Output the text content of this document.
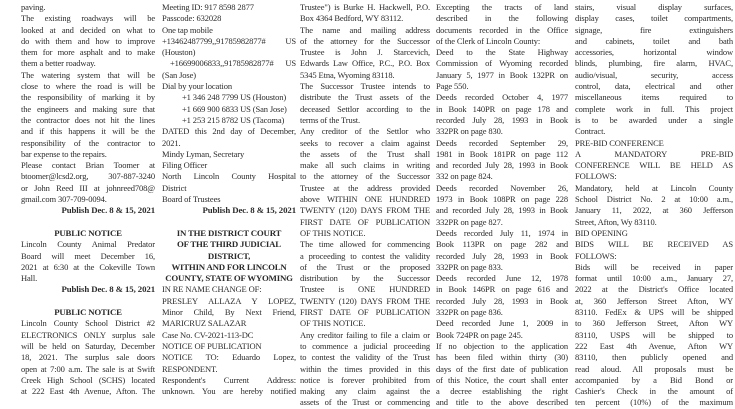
paving.
The existing roadways will be
looked at and decided on what to
do with them and how to improve
them for more asphalt and to make
them a better roadway.
The watering system that will be
close to where the road is will be
the responsibility of marking it by
the engineers and making sure that
the contractor does not hit the lines
and if this happens it will be the
responsibility of the contractor to
bar expense to the repairs.
Please contact Brian Toomer at
btoomer@lcsd2.org, 307-887-3240
or John Reed III at johnreed708@
gmail.com 307-709-0094.
Publish Dec. 8 & 15, 2021
PUBLIC NOTICE
Lincoln County Animal Predator
Board will meet December 16,
2021 at 6:30 at the Cokeville Town
Hall.
Publish Dec. 8 & 15, 2021
PUBLIC NOTICE
Lincoln County School District #2
ELECTRONICS ONLY surplus sale
will be held on Saturday, December
18, 2021. The surplus sale doors
open at 7:00 a.m. The sale is at Swift
Creek High School (SCHS) located
at 222 East 4th Avenue, Afton. The
Meeting ID: 917 8598 2877
Passcode: 632028
One tap mobile
+13462487799,,91785982877# US
(Houston)
+16699006833,,91785982877# US
(San Jose)
Dial by your location
+1 346 248 7799 US (Houston)
+1 669 900 6833 US (San Jose)
+1 253 215 8782 US (Tacoma)
DATED this 2nd day of December,
2021.
Mindy Lyman, Secretary
Filing Officer
North Lincoln County Hospital
District
Board of Trustees
Publish Dec. 8 & 15, 2021
IN THE DISTRICT COURT
OF THE THIRD JUDICIAL
DISTRICT,
WITHIN AND FOR LINCOLN
COUNTY, STATE OF WYOMING
IN RE NAME CHANGE OF:
PRESLEY ALLAZA Y LOPEZ,
Minor Child, By Next Friend,
MARICRUZ SALAZAR
Case No. CV-2021-113-DC
NOTICE OF PUBLICATION
NOTICE TO: Eduardo Lopez,
RESPONDENT.
Respondent's Current Address:
unknown. You are hereby notified
Trustee") is Burke H. Hackwell, P.O.
Box 4364 Bedford, WY 83112.
The name and mailing address
of the attorney for the Successor
Trustee is John J. Starcevich,
Edwards Law Office, P.C., P.O. Box
5345 Etna, Wyoming 83118.
The Successor Trustee intends to
distribute the Trust assets of the
deceased Settlor according to the
terms of the Trust.
Any creditor of the Settlor who
seeks to recover a claim against
the assets of the Trust shall
make all such claims in writing
to the attorney of the Successor
Trustee at the address provided
above WITHIN ONE HUNDRED
TWENTY (120) DAYS FROM THE
FIRST DATE OF PUBLICATION
OF THIS NOTICE.
The time allowed for commencing
a proceeding to contest the validity
of the Trust or the proposed
distribution by the Successor
Trustee is ONE HUNDRED
TWENTY (120) DAYS FROM THE
FIRST DATE OF PUBLICATION
OF THIS NOTICE.
Any creditor failing to file a claim or
to commence a judicial proceeding
to contest the validity of the Trust
within the times provided in this
notice is forever prohibited from
making any claim against the
assets of the Trust or commencing
Excepting the tracts of land
described in the following
documents recorded in the Office
of the Clerk of Lincoln County:
Deed to the State Highway
Commission of Wyoming recorded
January 5, 1977 in Book 132PR on
Page 550.
Deeds recorded October 4, 1977
in Book 140PR on page 178 and
recorded July 28, 1993 in Book
332PR on page 830.
Deeds recorded September 29,
1981 in Book 181PR on page 112
and recorded July 28, 1993 in Book
332 on page 824.
Deeds recorded November 26,
1973 in Book 108PR on page 228
and recorded July 28, 1993 in Book
332PR on page 827.
Deeds recorded July 11, 1974 in
Book 113PR on page 282 and
recorded July 28, 1993 in Book
332PR on page 833.
Deeds recorded June 12, 1978
in Book 146PR on page 616 and
recorded July 28, 1993 in Book
332PR on page 836.
Deed recorded June 1, 2009 in
Book 724PR on page 245.
If no objection to the application
has been filed within thirty (30)
days of the first date of publication
of this Notice, the court shall enter
a decree establishing the right
and title to the above described
stairs, visual display surfaces,
display cases, toilet compartments,
signage, fire extinguishers
and cabinets, toilet and bath
accessories, horizontal window
blinds, plumbing, fire alarm, HVAC,
audio/visual, security, access
control, data, electrical and other
miscellaneous items required to
complete work in full. This project
is to be awarded under a single
Contract.
PRE-BID CONFERENCE
A MANDATORY PRE-BID
CONFERENCE WILL BE HELD AS
FOLLOWS:
Mandatory, held at Lincoln County
School District No. 2 at 10:00 a.m.,
January 11, 2022, at 360 Jefferson
Street, Afton, Wy 83110.
BID OPENING
BIDS WILL BE RECEIVED AS
FOLLOWS:
Bids will be received in paper
format until 10:00 a.m., January 27,
2022 at the District's Office located
at, 360 Jefferson Street Afton, WY
83110. FedEx & UPS will be shipped
to 360 Jefferson Street, Afton WY
83110, USPS will be shipped to
222 East 4th Avenue, Afton WY
83110, then publicly opened and
read aloud. All proposals must be
accompanied by a Bid Bond or
Cashier's Check in the amount of
ten percent (10%) of the maximum
